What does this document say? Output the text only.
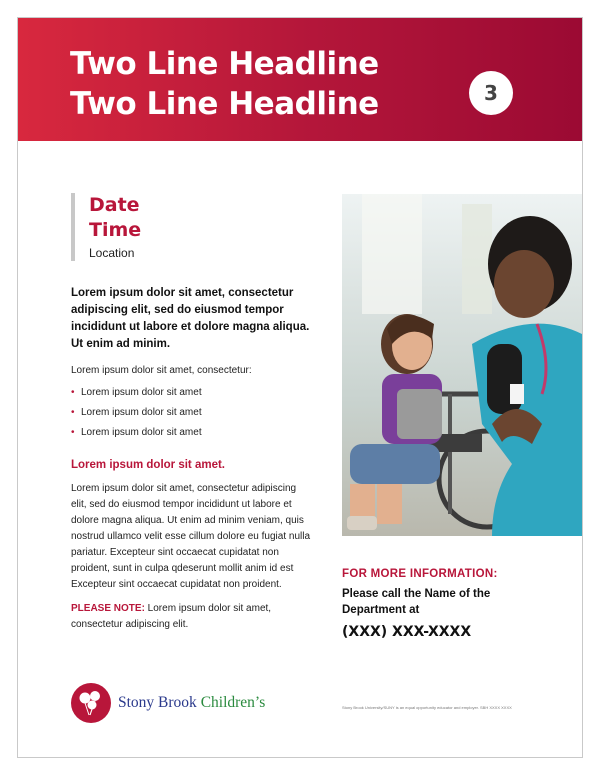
Two Line Headline
Two Line Headline	3
Date
Time
Location

Lorem ipsum dolor sit amet, consectetur adipiscing elit, sed do eiusmod tempor incididunt ut labore et dolore magna aliqua. Ut enim ad minim.

Lorem ipsum dolor sit amet, consectetur:

• Lorem ipsum dolor sit amet
• Lorem ipsum dolor sit amet
• Lorem ipsum dolor sit amet

Lorem ipsum dolor sit amet.

Lorem ipsum dolor sit amet, consectetur adipiscing elit, sed do eiusmod tempor incididunt ut labore et dolore magna aliqua. Ut enim ad minim veniam, quis nostrud ullamco velit esse cillum dolore eu fugiat nulla pariatur. Excepteur sint occaecat cupidatat non proident, sunt in culpa qdeserunt mollit anim id est Excepteur sint occaecat cupidatat non proident.

PLEASE NOTE: Lorem ipsum dolor sit amet, consectetur adipiscing elit.

FOR MORE INFORMATION:
Please call the Name of the Department at
(XXX) XXX-XXXX
Stony Brook Children’s	Stony Brook University/SUNY is an equal opportunity educator and employer. SBH XXXX XXXX
